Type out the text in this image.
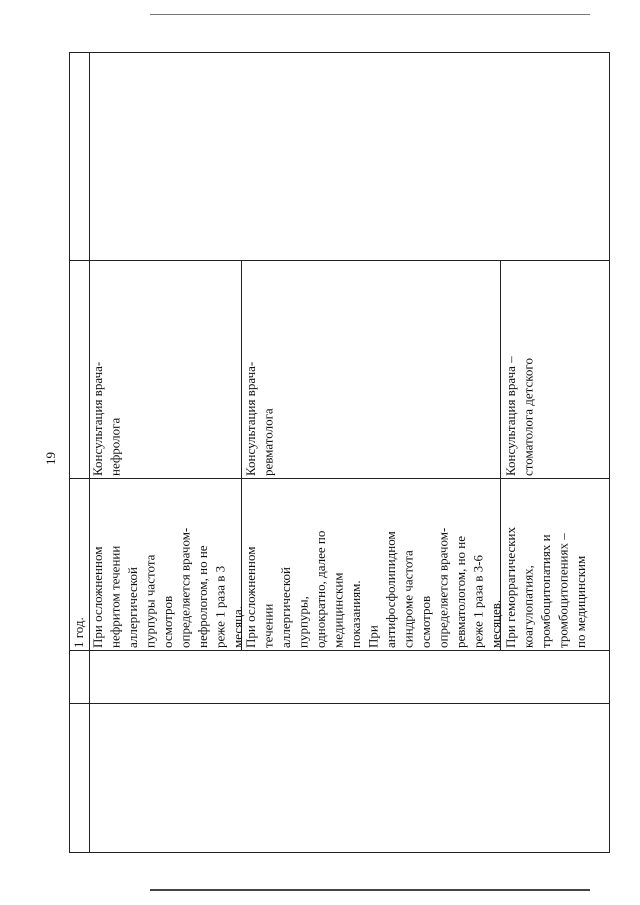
19
1 год. При осложненном
нефритом течении
аллергической
пурпуры частота
осмотров
определяется врачом-
нефрологом, но не
реже 1 раза в 3
месяца.
При осложненном
течении
аллергической
пурпуры,
однократно, далее по
медицинским
показаниям.
При
антифосфолипидном
синдроме частота
осмотров
определяется врачом-
ревматологом, но не
реже 1 раза в 3-6
месяцев. При геморрагических
коагулопатиях,
тромбоцитопатиях и
тромбоцитопениях –
по медицинским
Консультация врача-
нефролога	Консультация врача-
ревматолога	Консультация врача –
стоматолога детского
